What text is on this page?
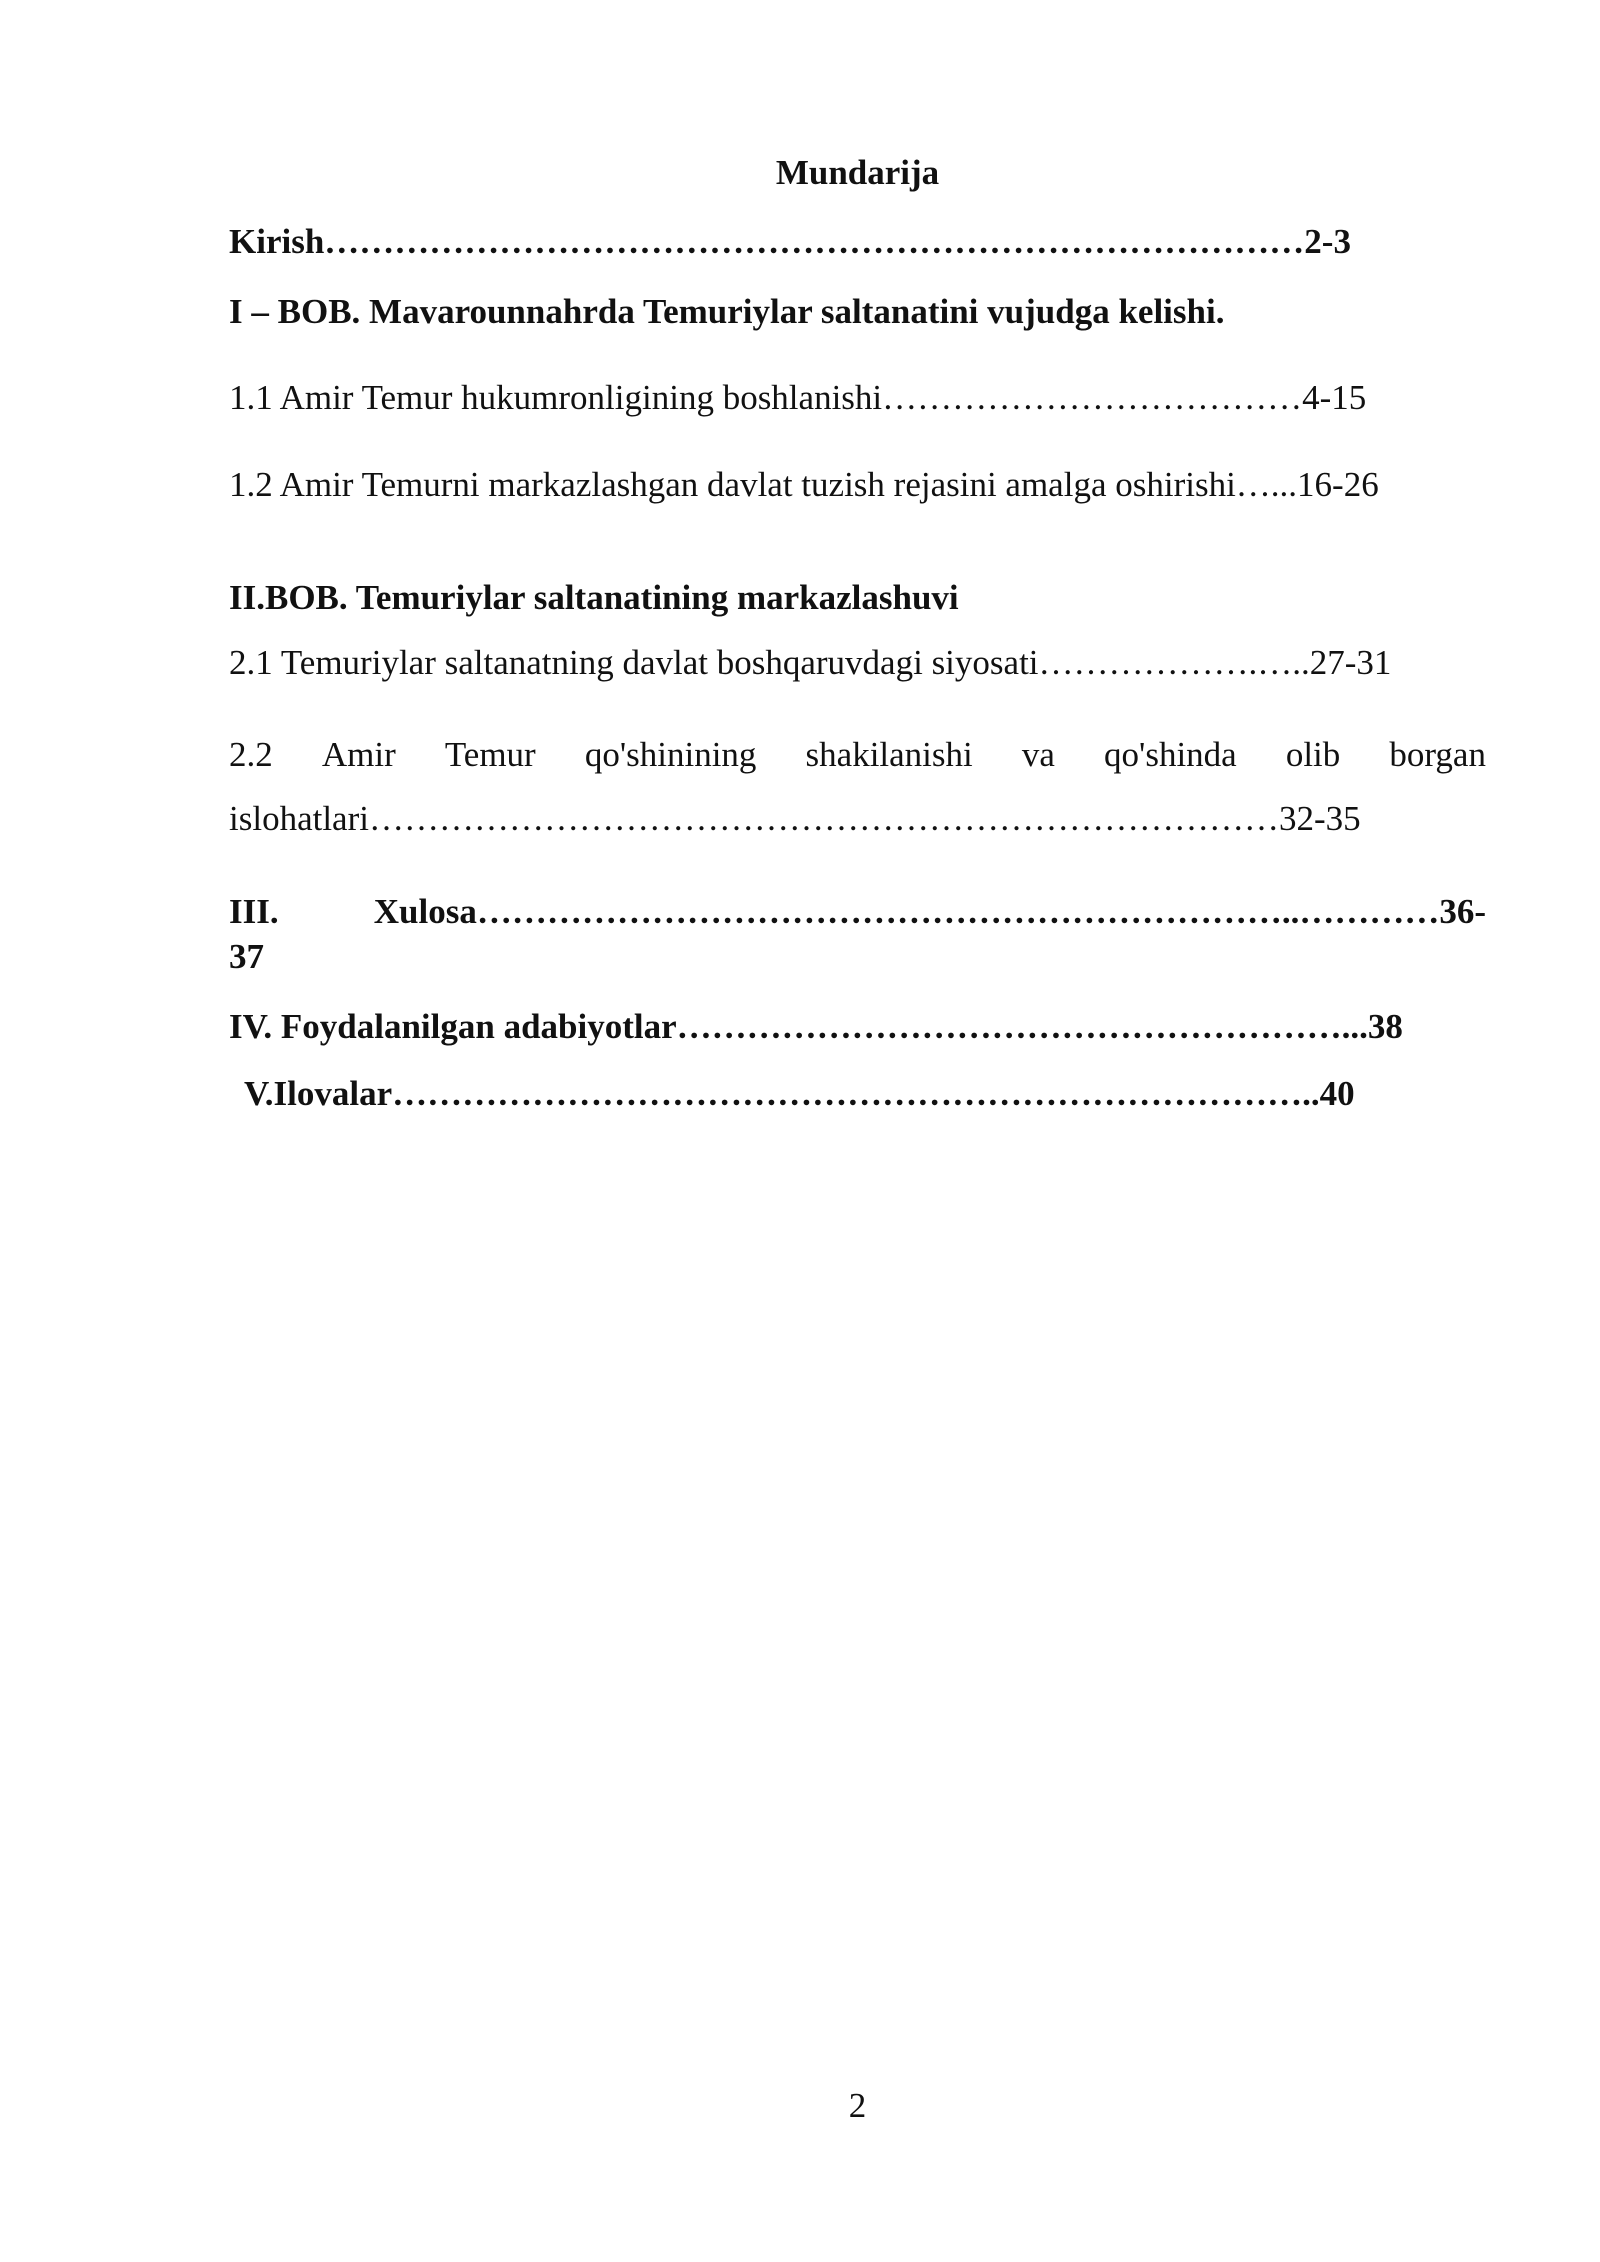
Mundarija
Kirish…………………………………………………………………………2-3
I – BOB. Mavarounnahrda Temuriylar saltanatini vujudga kelishi.
1.1 Amir Temur hukumronligining boshlanishi………………………………4-15
1.2 Amir Temurni markazlashgan davlat tuzish rejasini amalga oshirishi…...16-26
II.BOB. Temuriylar saltanatining markazlashuvi
2.1 Temuriylar saltanatning davlat boshqaruvdagi siyosati……………….…..27-31
2.2 Amir Temur qo'shinining shakilanishi va qo'shinda olib borgan
islohatlari……………………………………………………………………32-35
III.	Xulosa……………………………………………………………..…………36-
37
IV. Foydalanilgan adabiyotlar…………………………………………………...38
V.Ilovalar……………………………………………………………………..40
2
